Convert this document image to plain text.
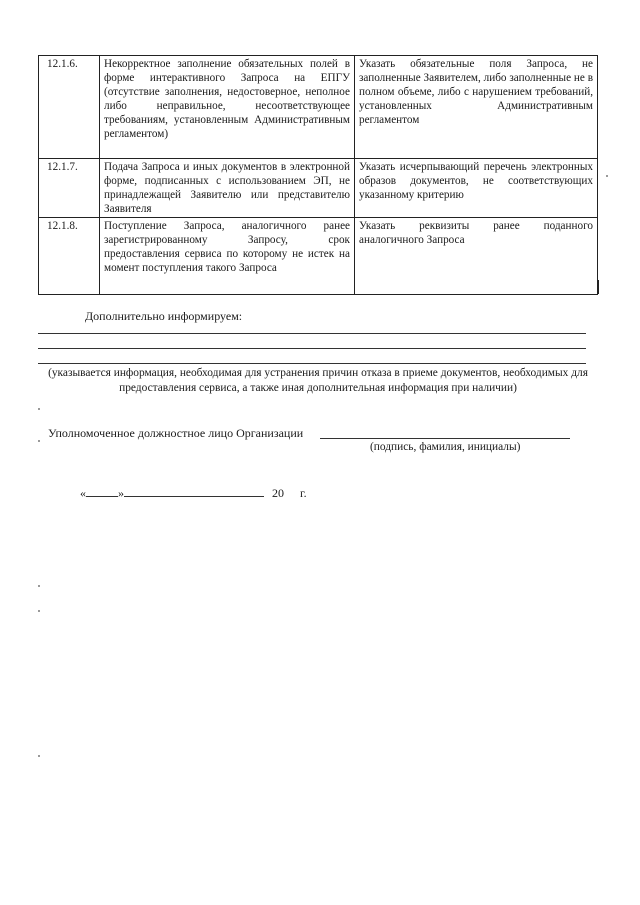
12.1.6.	Некорректное заполнение обязательных полей в форме интерактивного Запроса на ЕПГУ (отсутствие заполнения, недостоверное, неполное либо неправильное, несоответствующее требованиям, установленным Административным регламентом)	Указать обязательные поля Запроса, не заполненные Заявителем, либо заполненные не в полном объеме, либо с нарушением требований, установленных Административным регламентом
12.1.7.	Подача Запроса и иных документов в электронной форме, подписанных с использованием ЭП, не принадлежащей Заявителю или представителю Заявителя	Указать исчерпывающий перечень электронных образов документов, не соответствующих указанному критерию
12.1.8.	Поступление Запроса, аналогичного ранее зарегистрированному Запросу, срок предоставления сервиса по которому не истек на момент поступления такого Запроса	Указать реквизиты ранее поданного аналогичного Запроса
Дополнительно информируем:
(указывается информация, необходимая для устранения причин отказа в приеме документов, необходимых для предоставления сервиса, а также иная дополнительная информация при наличии)
Уполномоченное должностное лицо Организации
(подпись, фамилия, инициалы)
«	»	20 г.
